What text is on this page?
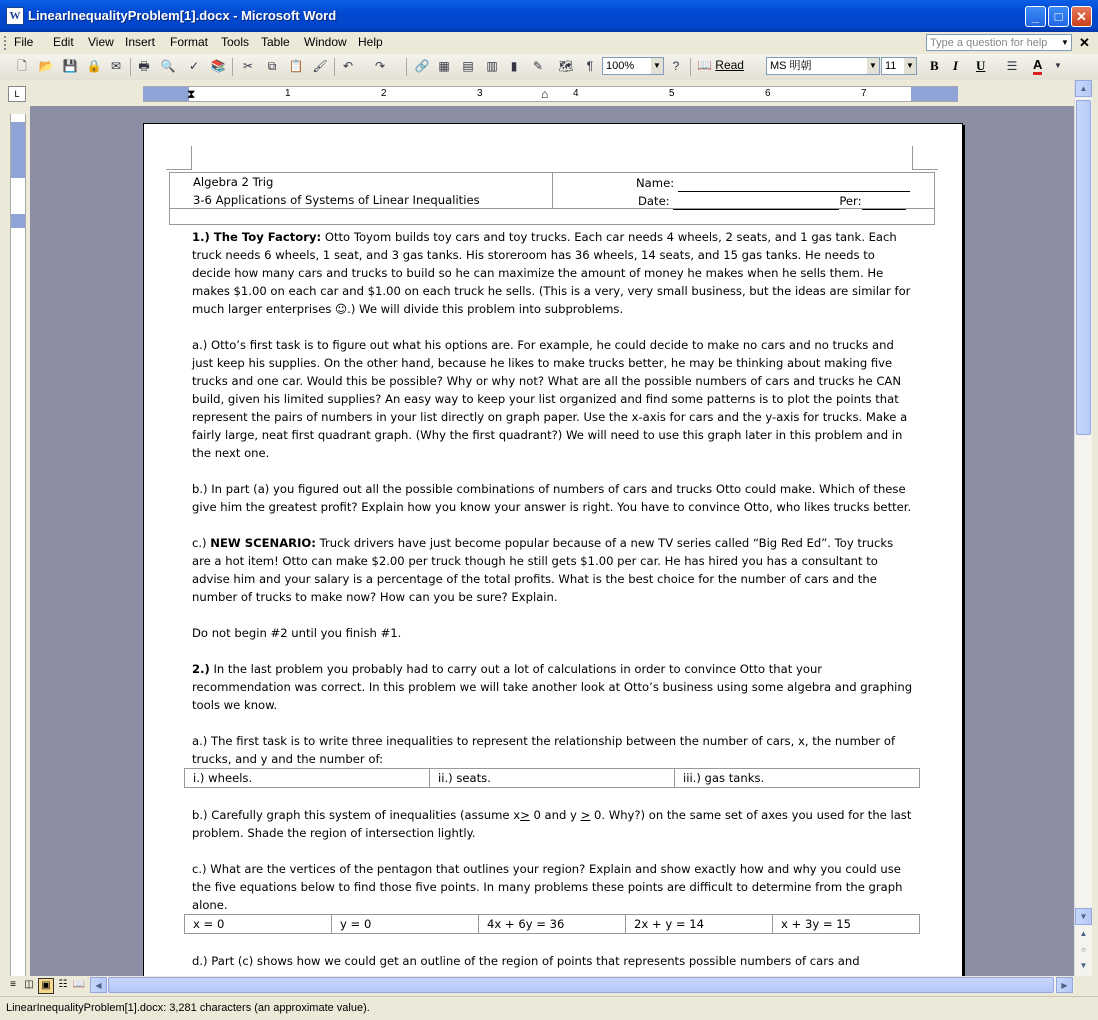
W LinearInequalityProblem[1].docx - Microsoft Word	_	□	✕
File Edit View Insert Format Tools Table Window Help	Type a question for help ▼ ✕
🗋 📂 💾 🔒 ✉ 🖶 🔍 ✓ 📚 ✂	⧉	📋 🖌 ↶ ↷ 🔗 ▦ ▤ ▥	▮	✎ 🗺	¶	100% ▼ ?	📖 Read	MS 明朝	▼ 11 ▼ B I U ☰ A	▼
L	1	2	3	4	5	6	7
⧗	⌂
Algebra 2 Trig
3-6 Applications of Systems of Linear Inequalities
Name:
Date:	Per:

1.) The Toy Factory: Otto Toyom builds toy cars and toy trucks. Each car needs 4 wheels, 2 seats, and 1 gas tank. Each truck needs 6 wheels, 1 seat, and 3 gas tanks. His storeroom has 36 wheels, 14 seats, and 15 gas tanks. He needs to decide how many cars and trucks to build so he can maximize the amount of money he makes when he sells them. He makes $1.00 on each car and $1.00 on each truck he sells. (This is a very, very small business, but the ideas are similar for much larger enterprises ☺.) We will divide this problem into subproblems.

a.) Otto’s first task is to figure out what his options are. For example, he could decide to make no cars and no trucks and just keep his supplies. On the other hand, because he likes to make trucks better, he may be thinking about making five trucks and one car. Would this be possible? Why or why not? What are all the possible numbers of cars and trucks he CAN build, given his limited supplies? An easy way to keep your list organized and find some patterns is to plot the points that represent the pairs of numbers in your list directly on graph paper. Use the x-axis for cars and the y-axis for trucks. Make a fairly large, neat first quadrant graph. (Why the first quadrant?) We will need to use this graph later in this problem and in the next one.

b.) In part (a) you figured out all the possible combinations of numbers of cars and trucks Otto could make. Which of these give him the greatest profit? Explain how you know your answer is right. You have to convince Otto, who likes trucks better.

c.) NEW SCENARIO: Truck drivers have just become popular because of a new TV series called “Big Red Ed”. Toy trucks are a hot item! Otto can make $2.00 per truck though he still gets $1.00 per car. He has hired you has a consultant to advise him and your salary is a percentage of the total profits. What is the best choice for the number of cars and the number of trucks to make now? How can you be sure? Explain.

Do not begin #2 until you finish #1.

2.) In the last problem you probably had to carry out a lot of calculations in order to convince Otto that your recommendation was correct. In this problem we will take another look at Otto’s business using some algebra and graphing tools we know.

a.) The first task is to write three inequalities to represent the relationship between the number of cars, x, the number of trucks, and y and the number of:

i.) wheels.	ii.) seats.	iii.) gas tanks.

b.) Carefully graph this system of inequalities (assume x> 0 and y > 0. Why?) on the same set of axes you used for the last problem. Shade the region of intersection lightly.

c.) What are the vertices of the pentagon that outlines your region? Explain and show exactly how and why you could use the five equations below to find those five points. In many problems these points are difficult to determine from the graph alone.

x = 0	y = 0	4x + 6y = 36	2x + y = 14	x + 3y = 15

d.) Part (c) shows how we could get an outline of the region of points that represents possible numbers of cars and

▲
▼
▲
○
▼
≡ ◫ ▣ ☷ 📖	◀	▶
LinearInequalityProblem[1].docx: 3,281 characters (an approximate value).
